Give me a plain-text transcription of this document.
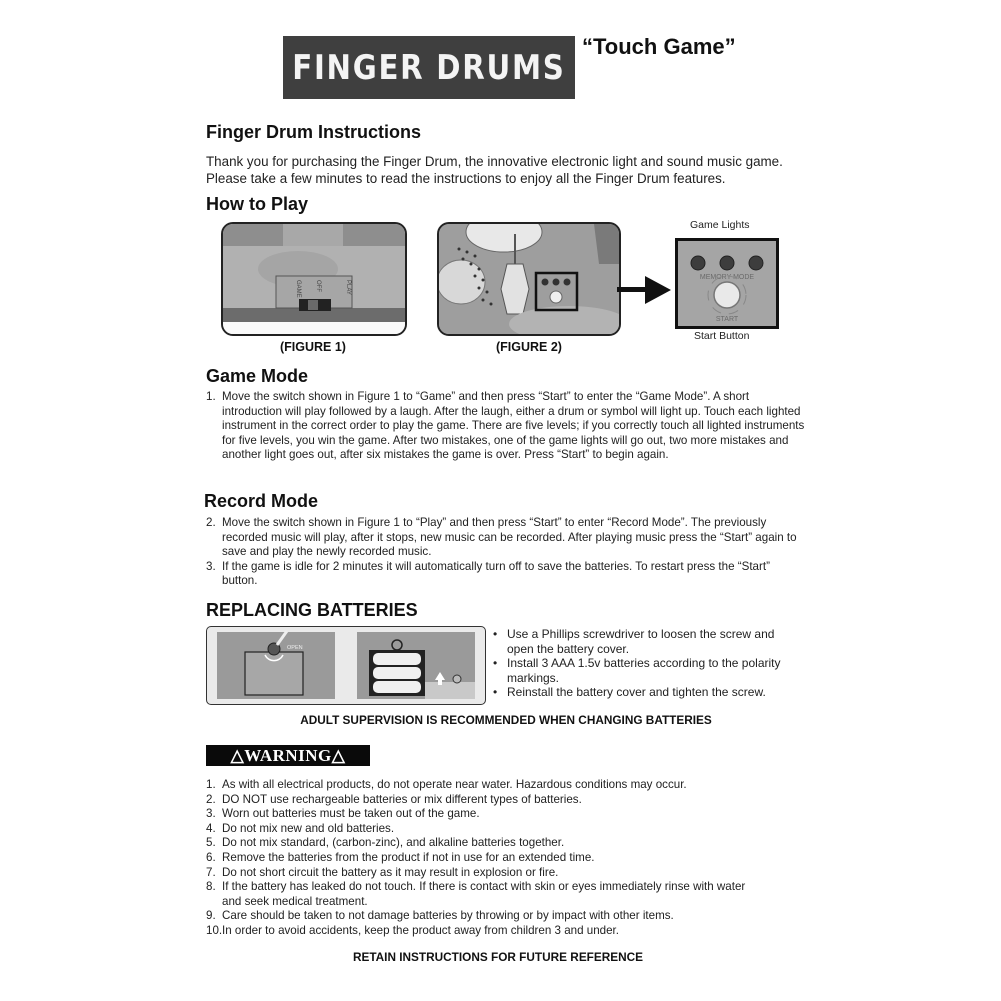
FINGER DRUMS
“Touch Game”
Finger Drum Instructions
Thank you for purchasing the Finger Drum, the innovative electronic light and sound music game.
Please take a few minutes to read the instructions to enjoy all the Finger Drum features.
How to Play
PLAY
OFF
GAME
(FIGURE 1)	(FIGURE 2)
Game Lights
MEMORY MODE
START
Start Button
Game Mode
1. Move the switch shown in Figure 1 to “Game” and then press “Start” to enter the “Game Mode”. A short introduction will play followed by a laugh. After the laugh, either a drum or symbol will light up. Touch each lighted instrument in the correct order to play the game. There are five levels; if you correctly touch all lighted instruments for five levels, you win the game. After two mistakes, one of the game lights will go out, two more mistakes and another light goes out, after six mistakes the game is over. Press “Start” to begin again.
Record Mode
2. Move the switch shown in Figure 1 to “Play” and then press “Start” to enter “Record Mode”. The previously recorded music will play, after it stops, new music can be recorded. After playing music press the “Start” again to save and play the newly recorded music.
3. If the game is idle for 2 minutes it will automatically turn off to save the batteries. To restart press the “Start” button.
REPLACING BATTERIES
OPEN
• Use a Phillips screwdriver to loosen the screw and open the battery cover.
• Install 3 AAA 1.5v batteries according to the polarity markings.
• Reinstall the battery cover and tighten the screw.
ADULT SUPERVISION IS RECOMMENDED WHEN CHANGING BATTERIES
△WARNING△
1. As with all electrical products, do not operate near water. Hazardous conditions may occur.
2. DO NOT use rechargeable batteries or mix different types of batteries.
3. Worn out batteries must be taken out of the game.
4. Do not mix new and old batteries.
5. Do not mix standard, (carbon-zinc), and alkaline batteries together.
6. Remove the batteries from the product if not in use for an extended time.
7. Do not short circuit the battery as it may result in explosion or fire.
8. If the battery has leaked do not touch. If there is contact with skin or eyes immediately rinse with water and seek medical treatment.
9. Care should be taken to not damage batteries by throwing or by impact with other items.
10. In order to avoid accidents, keep the product away from children 3 and under.
RETAIN INSTRUCTIONS FOR FUTURE REFERENCE
